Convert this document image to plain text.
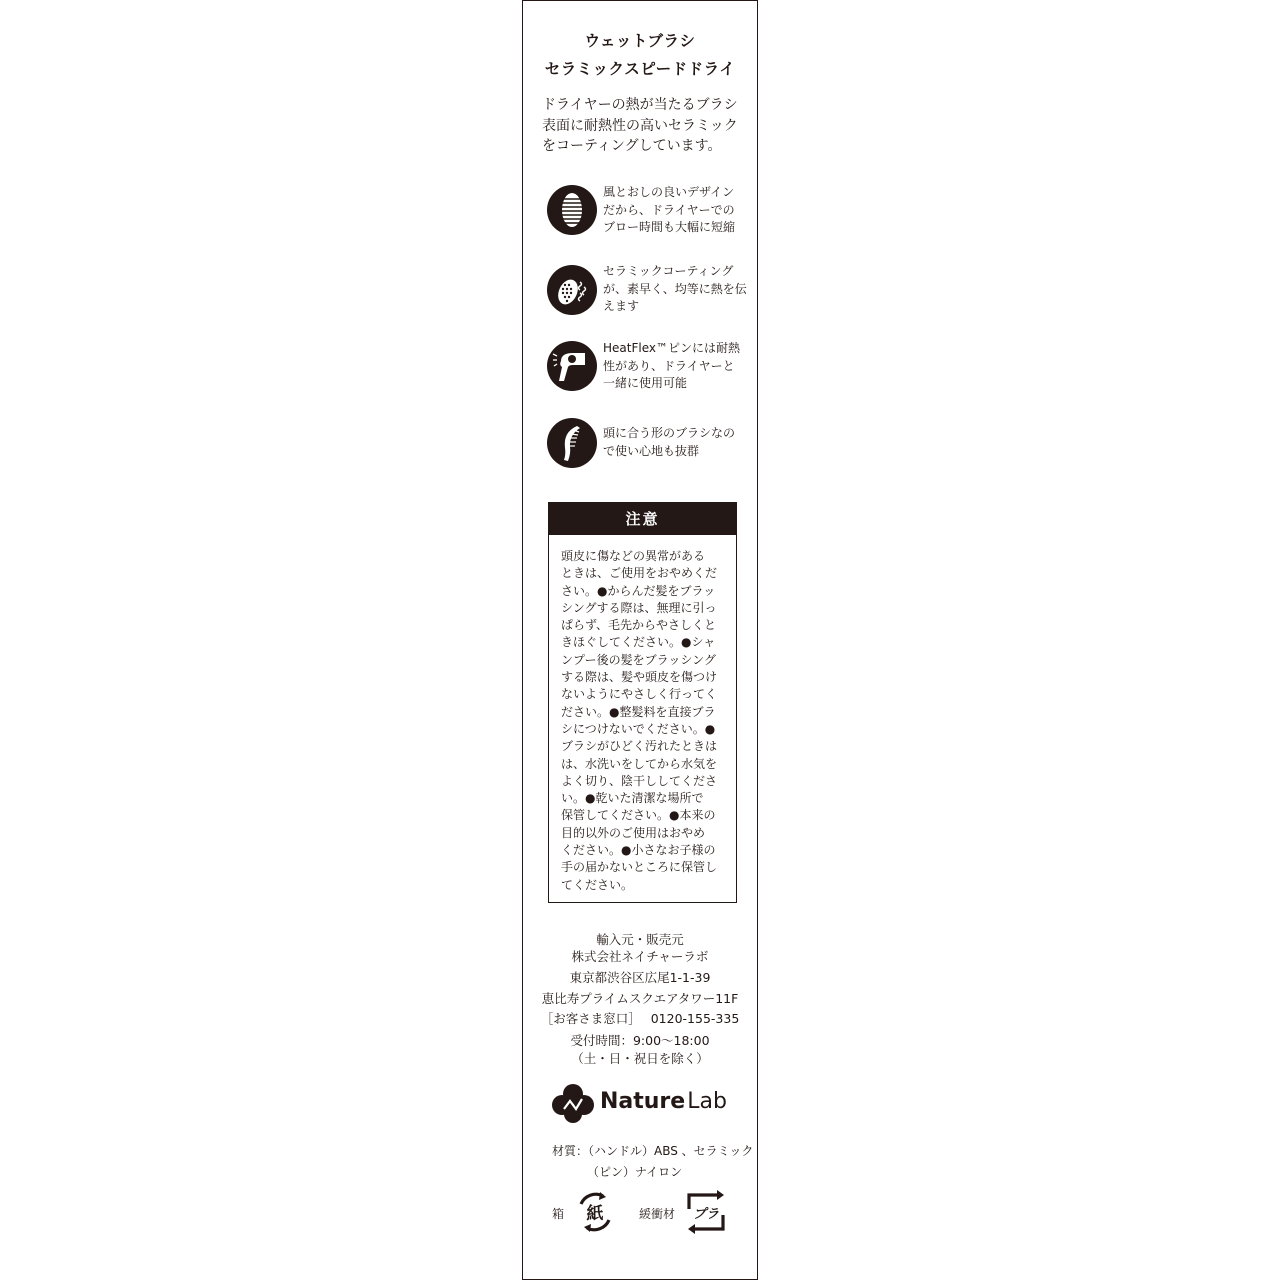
ウェットブラシ
セラミックスピードドライ
ドライヤーの熱が当たるブラシ
表面に耐熱性の高いセラミック
をコーティングしています。
風とおしの良いデザイン
だから、ドライヤーでの
ブロー時間も大幅に短縮
セラミックコーティング
が、素早く、均等に熱を伝
えます
HeatFlex™ピンには耐熱
性があり、ドライヤーと
一緒に使用可能
頭に合う形のブラシなの
で使い心地も抜群
注意
頭皮に傷などの異常がある
ときは、ご使用をおやめくだ
さい。●からんだ髪をブラッ
シングする際は、無理に引っ
ぱらず、毛先からやさしくと
きほぐしてください。●シャ
ンプー後の髪をブラッシング
する際は、髪や頭皮を傷つけ
ないようにやさしく行ってく
ださい。●整髪料を直接ブラ
シにつけないでください。●
ブラシがひどく汚れたときは
は、水洗いをしてから水気を
よく切り、陰干ししてくださ
い。●乾いた清潔な場所で
保管してください。●本来の
目的以外のご使用はおやめ
ください。●小さなお子様の
手の届かないところに保管し
てください。
輸入元・販売元
株式会社ネイチャーラボ
東京都渋谷区広尾1-1-39
恵比寿プライムスクエアタワー11F
［お客さま窓口］ 0120-155-335
受付時間：9:00〜18:00
（土・日・祝日を除く）
NatureLab
材質：（ハンドル）ABS 、セラミック
（ピン）ナイロン
箱 紙	緩衝材 プラ
